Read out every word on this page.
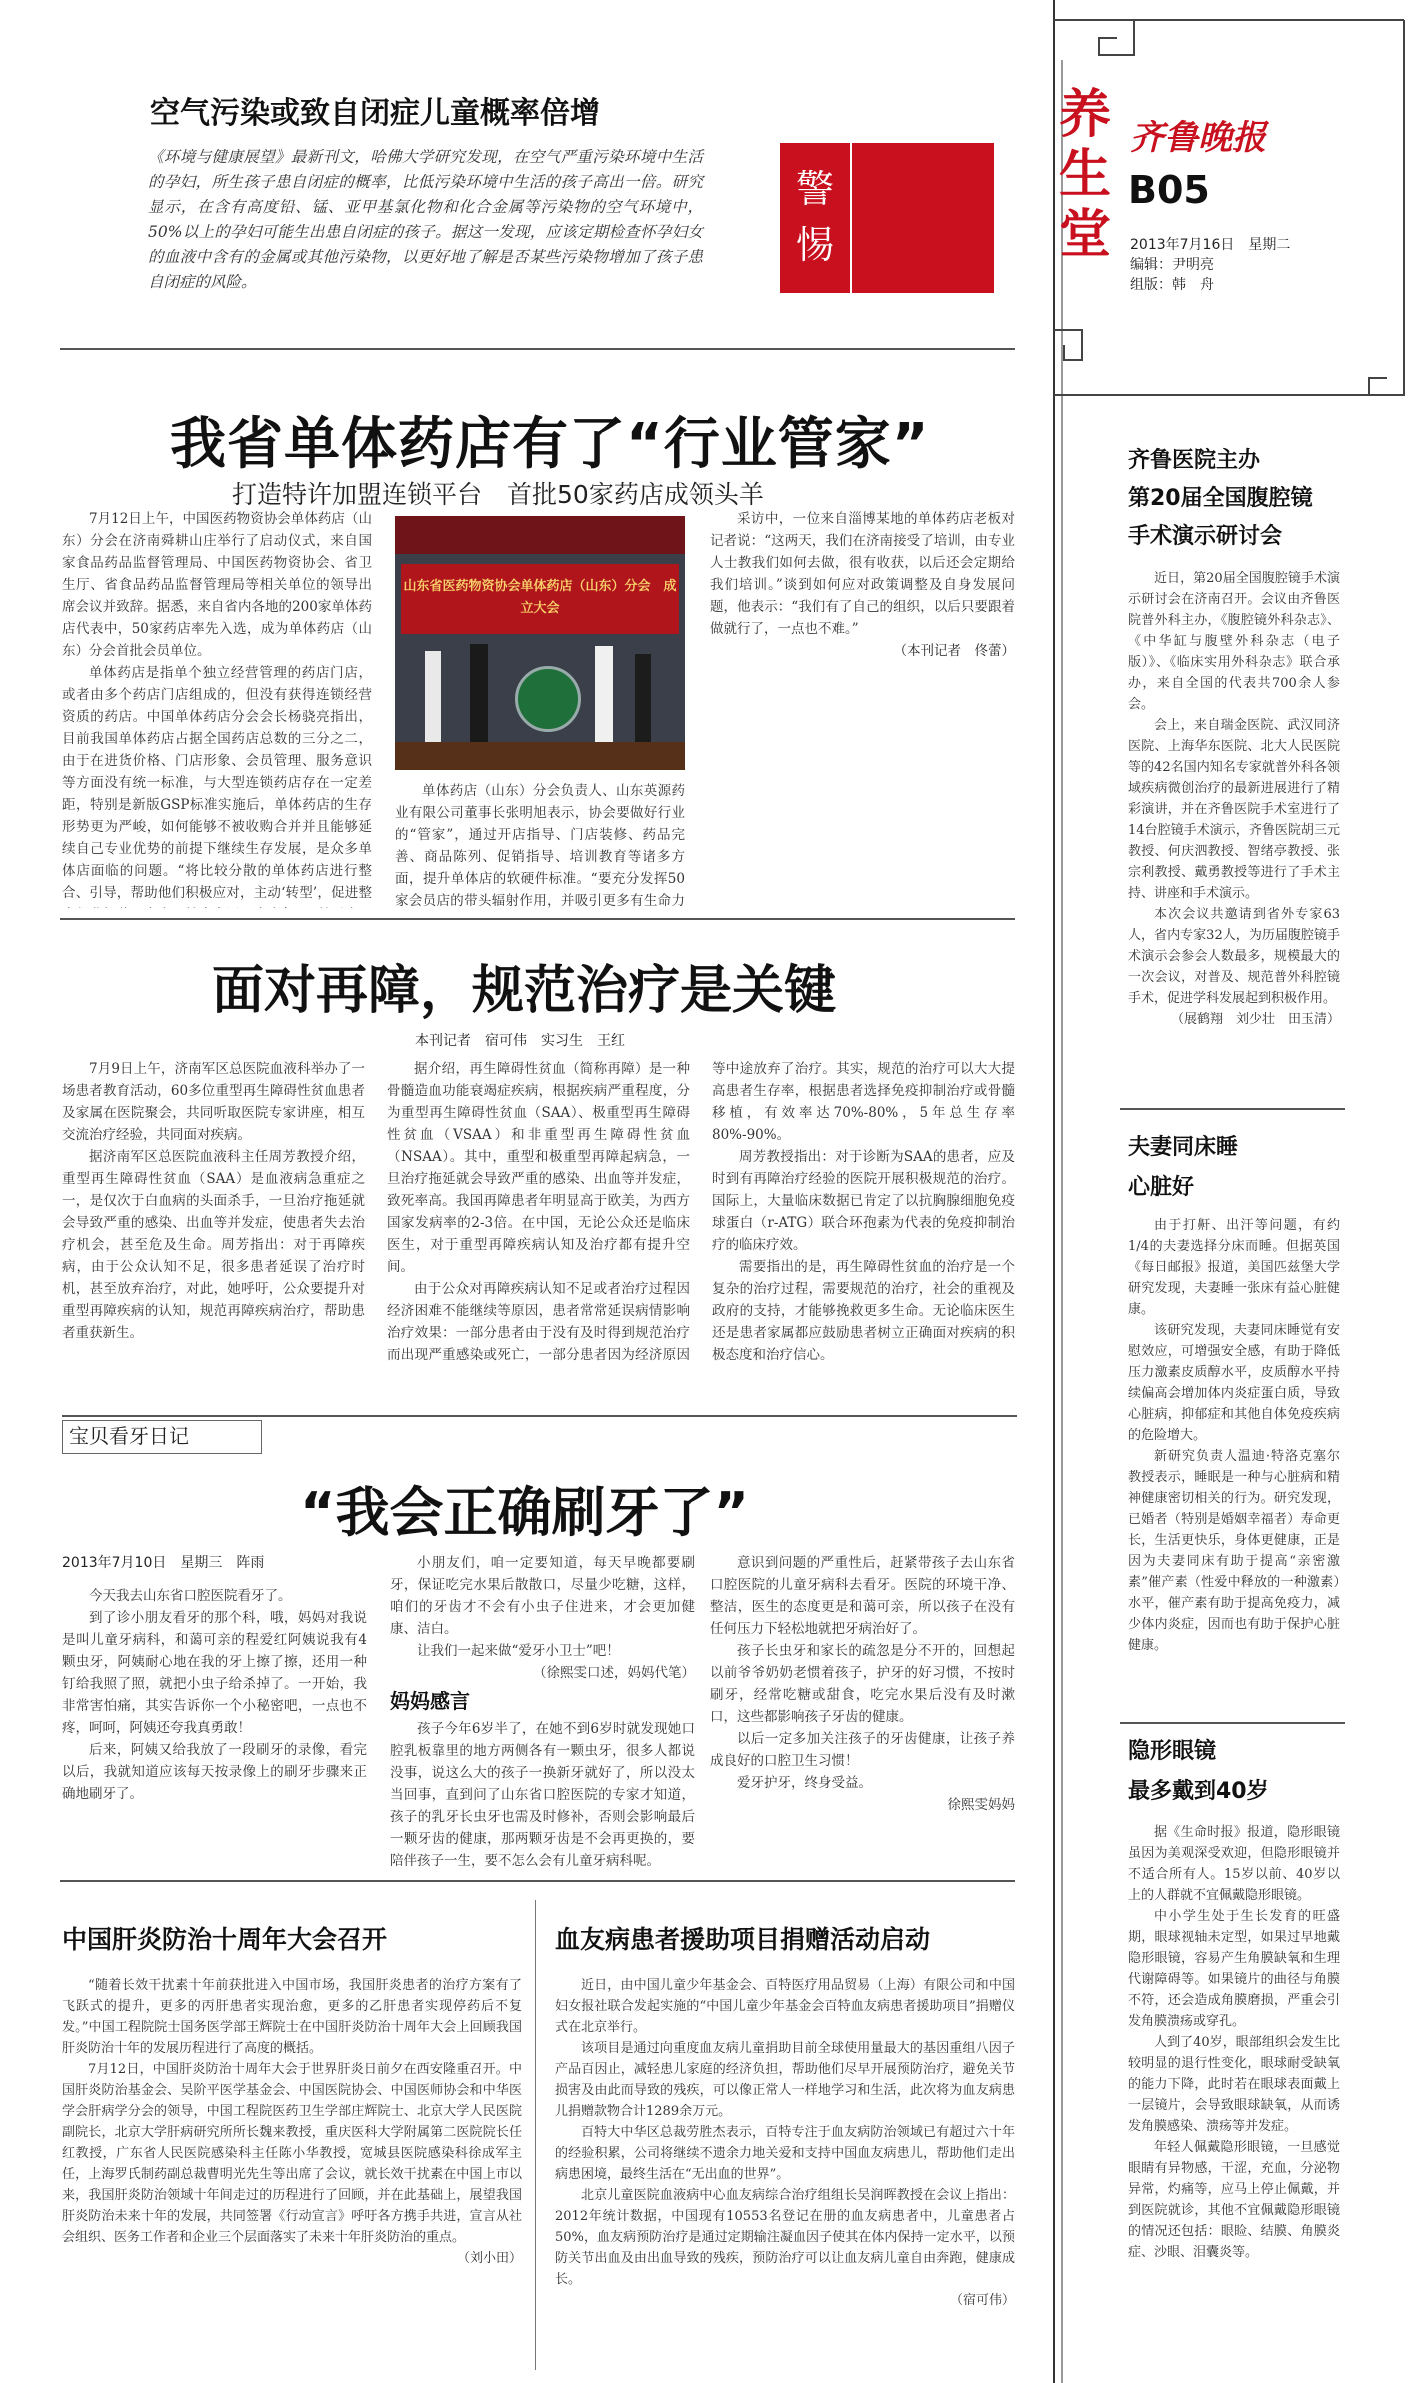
养生堂
齐鲁晚报
B05
2013年7月16日　星期二
编辑：尹明亮
组版：韩　舟
空气污染或致自闭症儿童概率倍增
《环境与健康展望》最新刊文，哈佛大学研究发现，在空气严重污染环境中生活的孕妇，所生孩子患自闭症的概率，比低污染环境中生活的孩子高出一倍。研究显示，在含有高度铅、锰、亚甲基氯化物和化合金属等污染物的空气环境中，50%以上的孕妇可能生出患自闭症的孩子。据这一发现，应该定期检查怀孕妇女的血液中含有的金属或其他污染物，以更好地了解是否某些污染物增加了孩子患自闭症的风险。
警惕
我省单体药店有了“行业管家”
打造特许加盟连锁平台　首批50家药店成领头羊

7月12日上午，中国医药物资协会单体药店（山东）分会在济南舜耕山庄举行了启动仪式，来自国家食品药品监督管理局、中国医药物资协会、省卫生厅、省食品药品监督管理局等相关单位的领导出席会议并致辞。据悉，来自省内各地的200家单体药店代表中，50家药店率先入选，成为单体药店（山东）分会首批会员单位。

单体药店是指单个独立经营管理的药店门店，或者由多个药店门店组成的，但没有获得连锁经营资质的药店。中国单体药店分会会长杨骁亮指出，目前我国单体药店占据全国药店总数的三分之二，由于在进货价格、门店形象、会员管理、服务意识等方面没有统一标准，与大型连锁药店存在一定差距，特别是新版GSP标准实施后，单体药店的生存形势更为严峻，如何能够不被收购合并并且能够延续自己专业优势的前提下继续生存发展，是众多单体店面临的问题。“将比较分散的单体药店进行整合、引导，帮助他们积极应对，主动‘转型’，促进整

山东省医药物资协会单体药店（山东）分会　成立大会

单体药店（山东）分会负责人、山东英源药业有限公司董事长张明旭表示，协会要做好行业的“管家”，通过开店指导、门店装修、药品完善、商品陈列、促销指导、培训教育等诸多方面，提升单体店的软硬件标准。“要充分发挥50家会员店的带头辐射作用，并吸引更多有生命力

采访中，一位来自淄博某地的单体药店老板对记者说：“这两天，我们在济南接受了培训，由专业人士教我们如何去做，很有收获，以后还会定期给我们培训。”谈到如何应对政策调整及自身发展问题，他表示：“我们有了自己的组织，以后只要跟着做就行了，一点也不难。”

（本刊记者　佟蕾）

面对再障，规范治疗是关键
本刊记者　宿可伟　实习生　王红

7月9日上午，济南军区总医院血液科举办了一场患者教育活动，60多位重型再生障碍性贫血患者及家属在医院聚会，共同听取医院专家讲座，相互交流治疗经验，共同面对疾病。

据济南军区总医院血液科主任周芳教授介绍，重型再生障碍性贫血（SAA）是血液病急重症之一，是仅次于白血病的头面杀手，一旦治疗拖延就会导致严重的感染、出血等并发症，使患者失去治疗机会，甚至危及生命。周芳指出：对于再障疾病，由于公众认知不足，很多患者延误了治疗时机，甚至放弃治疗，对此，她呼吁，公众要提升对重型再障疾病的认知，规范再障疾病治疗，帮助患者重获新生。

据介绍，再生障碍性贫血（简称再障）是一种骨髓造血功能衰竭症疾病，根据疾病严重程度，分为重型再生障碍性贫血（SAA）、极重型再生障碍性贫血（VSAA）和非重型再生障碍性贫血（NSAA）。其中，重型和极重型再障起病急，一旦治疗拖延就会导致严重的感染、出血等并发症，致死率高。我国再障患者年明显高于欧美，为西方国家发病率的2-3倍。在中国，无论公众还是临床医生，对于重型再障疾病认知及治疗都有提升空间。

由于公众对再障疾病认知不足或者治疗过程因经济困难不能继续等原因，患者常常延误病情影响治疗效果：一部分患者由于没有及时得到规范治疗而出现严重感染或死亡，一部分患者因为经济原因等中途放弃了治疗。其实，规范的治疗可以大大提高患者生存率，根据患者选择免疫抑制治疗或骨髓移植，有效率达70%-80%，5年总生存率80%-90%。

周芳教授指出：对于诊断为SAA的患者，应及时到有再障治疗经验的医院开展积极规范的治疗。国际上，大量临床数据已肯定了以抗胸腺细胞免疫球蛋白（r-ATG）联合环孢素为代表的免疫抑制治疗的临床疗效。

需要指出的是，再生障碍性贫血的治疗是一个复杂的治疗过程，需要规范的治疗，社会的重视及政府的支持，才能够挽救更多生命。无论临床医生还是患者家属都应鼓励患者树立正确面对疾病的积极态度和治疗信心。

宝贝看牙日记
“我会正确刷牙了”
2013年7月10日　星期三　阵雨

今天我去山东省口腔医院看牙了。

到了诊小朋友看牙的那个科，哦，妈妈对我说是叫儿童牙病科，和蔼可亲的程爱红阿姨说我有4颗虫牙，阿姨耐心地在我的牙上擦了擦，还用一种钉给我照了照，就把小虫子给杀掉了。一开始，我非常害怕痛，其实告诉你一个小秘密吧，一点也不疼，呵呵，阿姨还夸我真勇敢！

后来，阿姨又给我放了一段刷牙的录像，看完以后，我就知道应该每天按录像上的刷牙步骤来正确地刷牙了。

小朋友们，咱一定要知道，每天早晚都要刷牙，保证吃完水果后散散口，尽量少吃糖，这样，咱们的牙齿才不会有小虫子住进来，才会更加健康、洁白。

让我们一起来做“爱牙小卫士”吧！

（徐熙雯口述，妈妈代笔）

妈妈感言

孩子今年6岁半了，在她不到6岁时就发现她口腔乳板靠里的地方两侧各有一颗虫牙，很多人都说没事，说这么大的孩子一换新牙就好了，所以没太当回事，直到问了山东省口腔医院的专家才知道，孩子的乳牙长虫牙也需及时修补，否则会影响最后一颗牙齿的健康，那两颗牙齿是不会再更换的，要陪伴孩子一生，要不怎么会有儿童牙病科呢。

意识到问题的严重性后，赶紧带孩子去山东省口腔医院的儿童牙病科去看牙。医院的环境干净、整洁，医生的态度更是和蔼可亲，所以孩子在没有任何压力下轻松地就把牙病治好了。

孩子长虫牙和家长的疏忽是分不开的，回想起以前爷爷奶奶老惯着孩子，护牙的好习惯，不按时刷牙，经常吃糖或甜食，吃完水果后没有及时漱口，这些都影响孩子牙齿的健康。

以后一定多加关注孩子的牙齿健康，让孩子养成良好的口腔卫生习惯！

爱牙护牙，终身受益。

徐熙雯妈妈

中国肝炎防治十周年大会召开

“随着长效干扰素十年前获批进入中国市场，我国肝炎患者的治疗方案有了飞跃式的提升，更多的丙肝患者实现治愈，更多的乙肝患者实现停药后不复发。”中国工程院院士国务医学部王辉院士在中国肝炎防治十周年大会上回顾我国肝炎防治十年的发展历程进行了高度的概括。

7月12日，中国肝炎防治十周年大会于世界肝炎日前夕在西安隆重召开。中国肝炎防治基金会、吴阶平医学基金会、中国医院协会、中国医师协会和中华医学会肝病学分会的领导，中国工程院医药卫生学部庄辉院士、北京大学人民医院副院长，北京大学肝病研究所所长魏来教授，重庆医科大学附属第二医院院长任红教授，广东省人民医院感染科主任陈小华教授，宽城县医院感染科徐成军主任，上海罗氏制药副总裁曹明光先生等出席了会议，就长效干扰素在中国上市以来，我国肝炎防治领域十年间走过的历程进行了回顾，并在此基础上，展望我国肝炎防治未来十年的发展，共同签署《行动宣言》呼吁各方携手共进，宣言从社会组织、医务工作者和企业三个层面落实了未来十年肝炎防治的重点。

（刘小田）

血友病患者援助项目捐赠活动启动

近日，由中国儿童少年基金会、百特医疗用品贸易（上海）有限公司和中国妇女报社联合发起实施的“中国儿童少年基金会百特血友病患者援助项目”捐赠仪式在北京举行。

该项目是通过向重度血友病儿童捐助目前全球使用量最大的基因重组八因子产品百因止，减轻患儿家庭的经济负担，帮助他们尽早开展预防治疗，避免关节损害及由此而导致的残疾，可以像正常人一样地学习和生活，此次将为血友病患儿捐赠款物合计1289余万元。

百特大中华区总裁劳胜杰表示，百特专注于血友病防治领域已有超过六十年的经验积累，公司将继续不遗余力地关爱和支持中国血友病患儿，帮助他们走出病患困境，最终生活在“无出血的世界”。

北京儿童医院血液病中心血友病综合治疗组组长吴润晖教授在会议上指出：2012年统计数据，中国现有10553名登记在册的血友病患者中，儿童患者占50%，血友病预防治疗是通过定期输注凝血因子使其在体内保持一定水平，以预防关节出血及由出血导致的残疾，预防治疗可以让血友病儿童自由奔跑，健康成长。

（宿可伟）

齐鲁医院主办
第20届全国腹腔镜
手术演示研讨会

近日，第20届全国腹腔镜手术演示研讨会在济南召开。会议由齐鲁医院普外科主办，《腹腔镜外科杂志》、《中华缸与腹壁外科杂志（电子版）》、《临床实用外科杂志》联合承办，来自全国的代表共700余人参会。

会上，来自瑞金医院、武汉同济医院、上海华东医院、北大人民医院等的42名国内知名专家就普外科各领域疾病微创治疗的最新进展进行了精彩演讲，并在齐鲁医院手术室进行了14台腔镜手术演示，齐鲁医院胡三元教授、何庆泗教授、智绪亭教授、张宗利教授、戴勇教授等进行了手术主持、讲座和手术演示。

本次会议共邀请到省外专家63人，省内专家32人，为历届腹腔镜手术演示会参会人数最多，规模最大的一次会议，对普及、规范普外科腔镜手术，促进学科发展起到积极作用。

（展鹤翔　刘少壮　田玉清）

夫妻同床睡
心脏好

由于打鼾、出汗等问题，有约1/4的夫妻选择分床而睡。但据英国《每日邮报》报道，美国匹兹堡大学研究发现，夫妻睡一张床有益心脏健康。

该研究发现，夫妻同床睡觉有安慰效应，可增强安全感，有助于降低压力激素皮质醇水平，皮质醇水平持续偏高会增加体内炎症蛋白质，导致心脏病，抑郁症和其他自体免疫疾病的危险增大。

新研究负责人温迪·特洛克塞尔教授表示，睡眠是一种与心脏病和精神健康密切相关的行为。研究发现，已婚者（特别是婚姻幸福者）寿命更长，生活更快乐，身体更健康，正是因为夫妻同床有助于提高“亲密激素”催产素（性爱中释放的一种激素）水平，催产素有助于提高免疫力，减少体内炎症，因而也有助于保护心脏健康。

隐形眼镜
最多戴到40岁

据《生命时报》报道，隐形眼镜虽因为美观深受欢迎，但隐形眼镜并不适合所有人。15岁以前、40岁以上的人群就不宜佩戴隐形眼镜。

中小学生处于生长发育的旺盛期，眼球视轴未定型，如果过早地戴隐形眼镜，容易产生角膜缺氧和生理代谢障碍等。如果镜片的曲径与角膜不符，还会造成角膜磨损，严重会引发角膜溃疡或穿孔。

人到了40岁，眼部组织会发生比较明显的退行性变化，眼球耐受缺氧的能力下降，此时若在眼球表面戴上一层镜片，会导致眼球缺氧，从而诱发角膜感染、溃疡等并发症。

年轻人佩戴隐形眼镜，一旦感觉眼睛有异物感，干涩，充血，分泌物异常，灼痛等，应马上停止佩戴，并到医院就诊，其他不宜佩戴隐形眼镜的情况还包括：眼睑、结膜、角膜炎症、沙眼、泪囊炎等。
